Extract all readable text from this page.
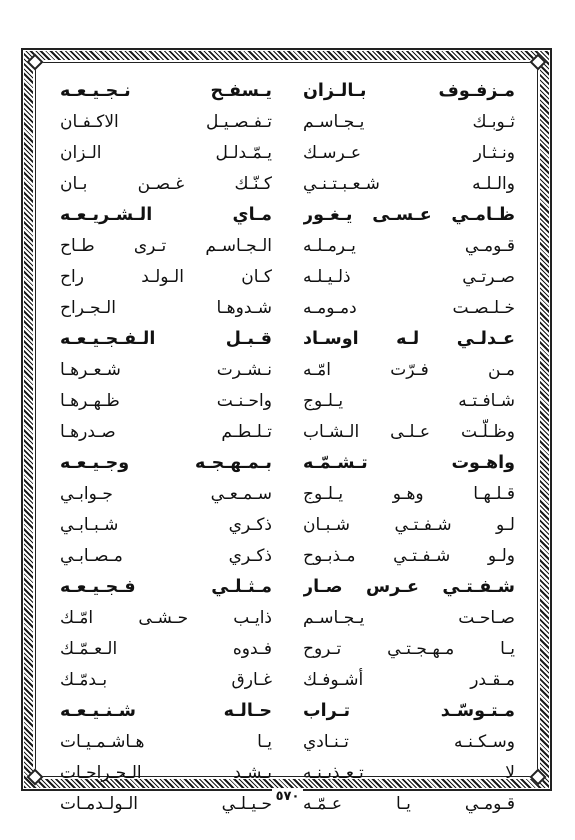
مـزفـوف بـالـزان
يـسفـح نـجـيـعـه
ثـوبـك يـجـاسـم
تـفـصـيـل الاكـفـان
ونـثـار عـرسـك
يـمّـدلـل الـزان
والـلـه شـعـبـتـنـي
كـنّـك غـصـن بـان
ظـامـي عـسـى يـغـور
مـاي الـشـريـعـه
قـومـي يـرمـلـه
الـجـاسـم تـرى طـاح
صـرتـي ذلـيـلـه
كـان الـولـد راح
خـلـصـت دمـومـه
شـدوهـا الـجـراح
عـدلـي لـه اوسـاد
قـبـل الـفـجـيـعـه
مـن فـرّت امّـه
نـشـرت شـعـرهـا
شـافـتـه يـلـوج
واحـنـت ظـهـرهـا
وظـلّـت عـلـى الـشـاب
تـلـطـم صـدرهـا
واهـوت تـشـمّـه
بـمـهـجـه وجـيـعـه
قـلـهـا وهـو يـلـوج
سـمـعـي جـوابـي
لـو شـفـتـي شـبـان
ذكـري شـبـابـي
ولـو شـفـتـي مـذبـوح
ذكـري مـصـابـي
شـفـتـي عـرس صـار
مـثـلـي فـجـيـعـه
صـاحـت يـجـاسـم
ذايـب حـشـى امّـك
يـا مـهـجـتـي تـروح
فـدوه الـعـمّـك
مـقـدر أشـوفـك
غـارق بـدمّـك
مـتـوسّـد تـراب
حـالـه شـنـيـعـه
وسـكـنـه تـنـادي
يـا هـاشـمـيـات
لا تـعـذبـنـه
بـشـد الـجـراحـات
قـومـي يـا عـمّـه
حـيـلـي الـولـدمـات ٥٧٠
